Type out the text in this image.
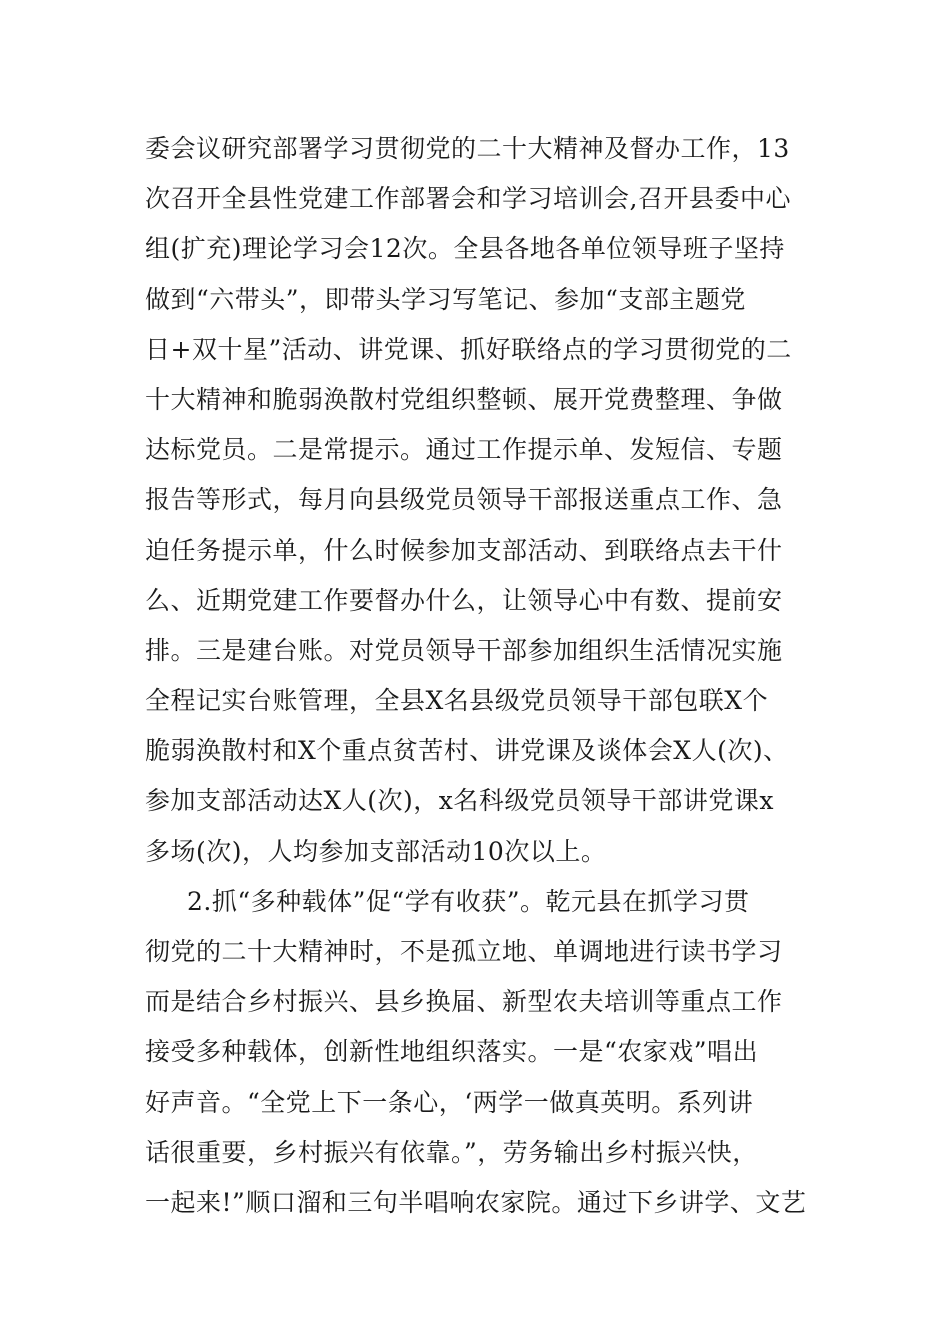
委会议研究部署学习贯彻党的二十大精神及督办工作，13
次召开全县性党建工作部署会和学习培训会,召开县委中心
组(扩充)理论学习会12次。全县各地各单位领导班子坚持
做到“六带头”，即带头学习写笔记、参加“支部主题党
日+双十星”活动、讲党课、抓好联络点的学习贯彻党的二
十大精神和脆弱涣散村党组织整顿、展开党费整理、争做
达标党员。二是常提示。通过工作提示单、发短信、专题
报告等形式，每月向县级党员领导干部报送重点工作、急
迫任务提示单，什么时候参加支部活动、到联络点去干什
么、近期党建工作要督办什么，让领导心中有数、提前安
排。三是建台账。对党员领导干部参加组织生活情况实施
全程记实台账管理，全县X名县级党员领导干部包联X个
脆弱涣散村和X个重点贫苦村、讲党课及谈体会X人(次)、
参加支部活动达X人(次)，x名科级党员领导干部讲党课x
多场(次)，人均参加支部活动10次以上。
2.抓“多种载体”促“学有收获”。乾元县在抓学习贯
彻党的二十大精神时，不是孤立地、单调地进行读书学习
而是结合乡村振兴、县乡换届、新型农夫培训等重点工作
接受多种载体，创新性地组织落实。一是“农家戏”唱出
好声音。“全党上下一条心，‘两学一做真英明。系列讲
话很重要，乡村振兴有依靠。”，劳务输出乡村振兴快，
一起来!”顺口溜和三句半唱响农家院。通过下乡讲学、文艺
